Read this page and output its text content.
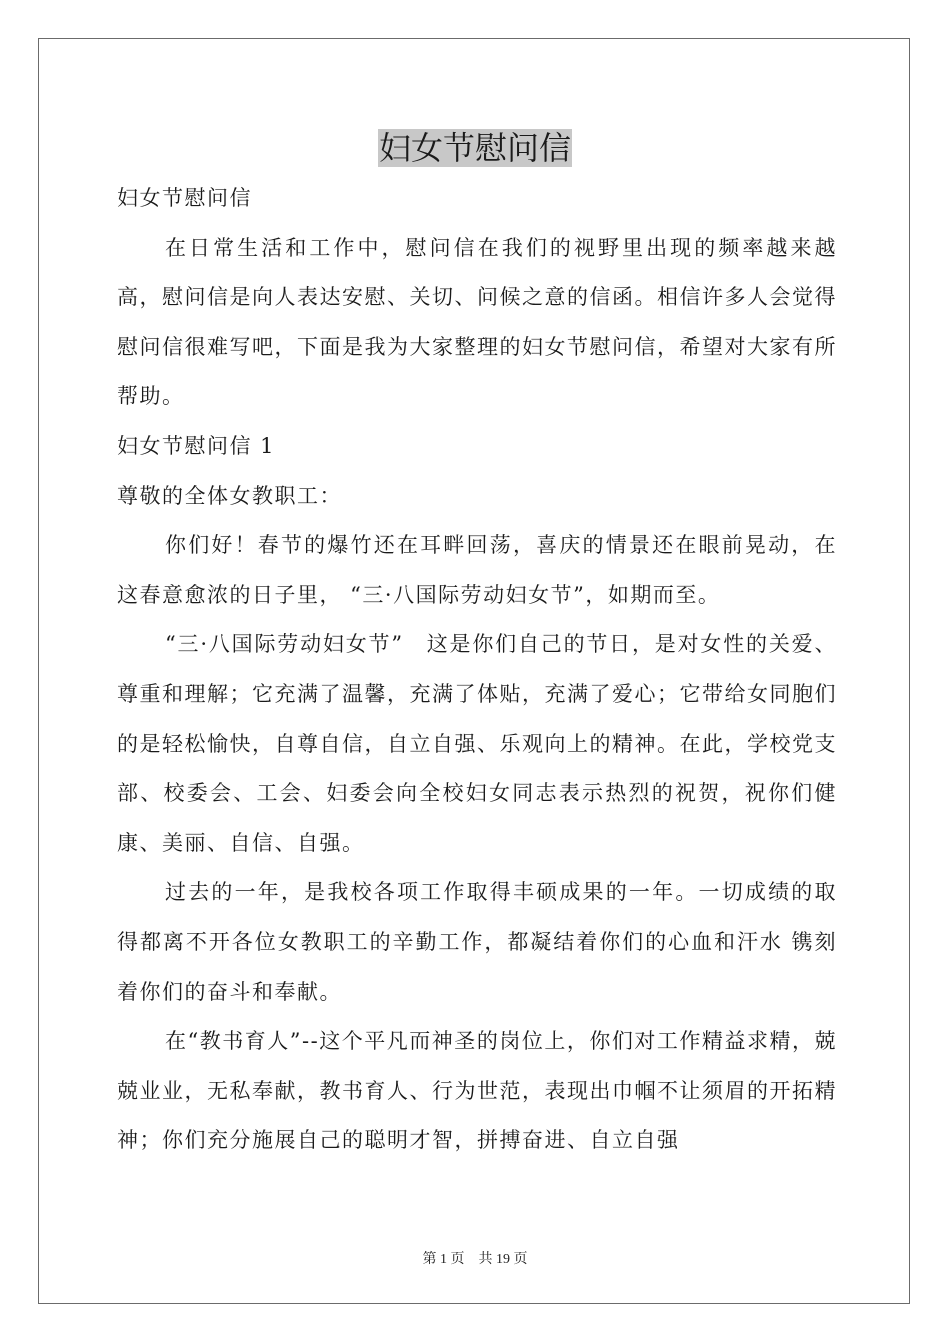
妇女节慰问信

妇女节慰问信

在日常生活和工作中，慰问信在我们的视野里出现的频率越来越高，慰问信是向人表达安慰、关切、问候之意的信函。相信许多人会觉得慰问信很难写吧，下面是我为大家整理的妇女节慰问信，希望对大家有所帮助。

妇女节慰问信 1

尊敬的全体女教职工：

你们好！春节的爆竹还在耳畔回荡，喜庆的情景还在眼前晃动，在这春意愈浓的日子里， “三·八国际劳动妇女节”，如期而至。

“三·八国际劳动妇女节”　这是你们自己的节日，是对女性的关爱、尊重和理解；它充满了温馨，充满了体贴，充满了爱心；它带给女同胞们的是轻松愉快，自尊自信，自立自强、乐观向上的精神。在此，学校党支部、校委会、工会、妇委会向全校妇女同志表示热烈的祝贺，祝你们健康、美丽、自信、自强。

过去的一年，是我校各项工作取得丰硕成果的一年。一切成绩的取得都离不开各位女教职工的辛勤工作，都凝结着你们的心血和汗水 镌刻着你们的奋斗和奉献。

在“教书育人”--这个平凡而神圣的岗位上，你们对工作精益求精，兢兢业业，无私奉献，教书育人、行为世范，表现出巾帼不让须眉的开拓精神；你们充分施展自己的聪明才智，拼搏奋进、自立自强

第 1 页 共 19 页
